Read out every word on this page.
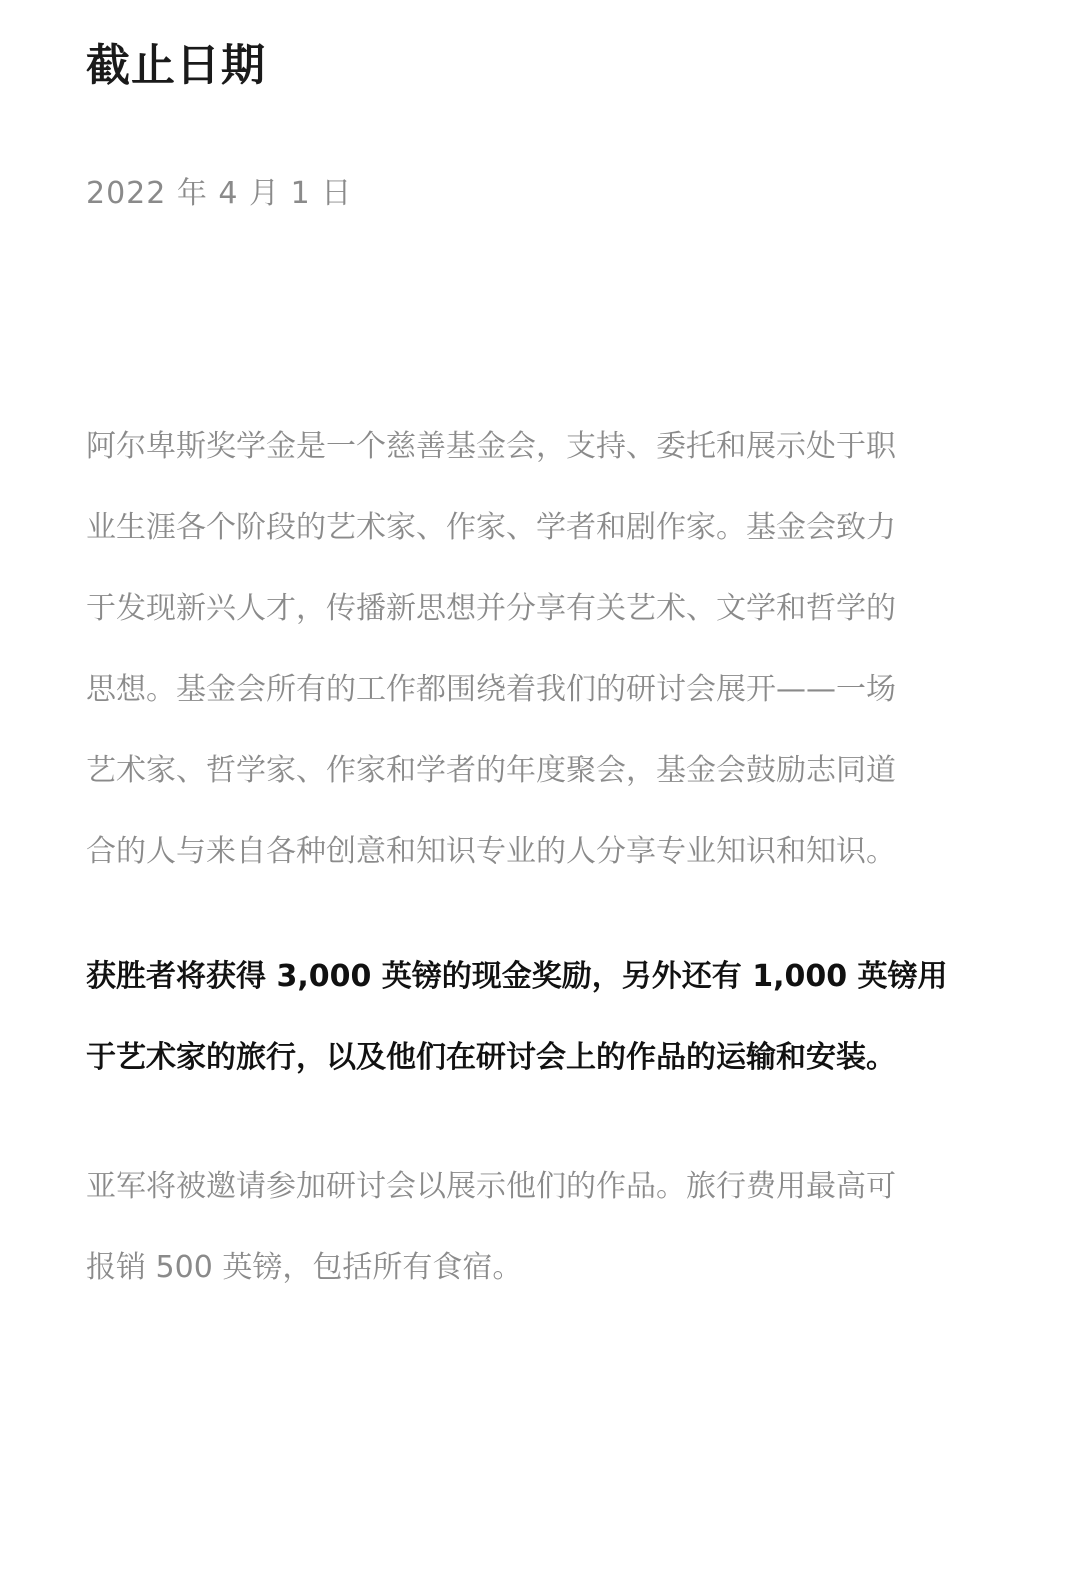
截止日期

2022 年 4 月 1 日

阿尔卑斯奖学金是一个慈善基金会，支持、委托和展示处于职
业生涯各个阶段的艺术家、作家、学者和剧作家。基金会致力
于发现新兴人才，传播新思想并分享有关艺术、文学和哲学的
思想。基金会所有的工作都围绕着我们的研讨会展开——一场
艺术家、哲学家、作家和学者的年度聚会，基金会鼓励志同道
合的人与来自各种创意和知识专业的人分享专业知识和知识。

获胜者将获得 3,000 英镑的现金奖励，另外还有 1,000 英镑用
于艺术家的旅行，以及他们在研讨会上的作品的运输和安装。

亚军将被邀请参加研讨会以展示他们的作品。旅行费用最高可
报销 500 英镑，包括所有食宿。
